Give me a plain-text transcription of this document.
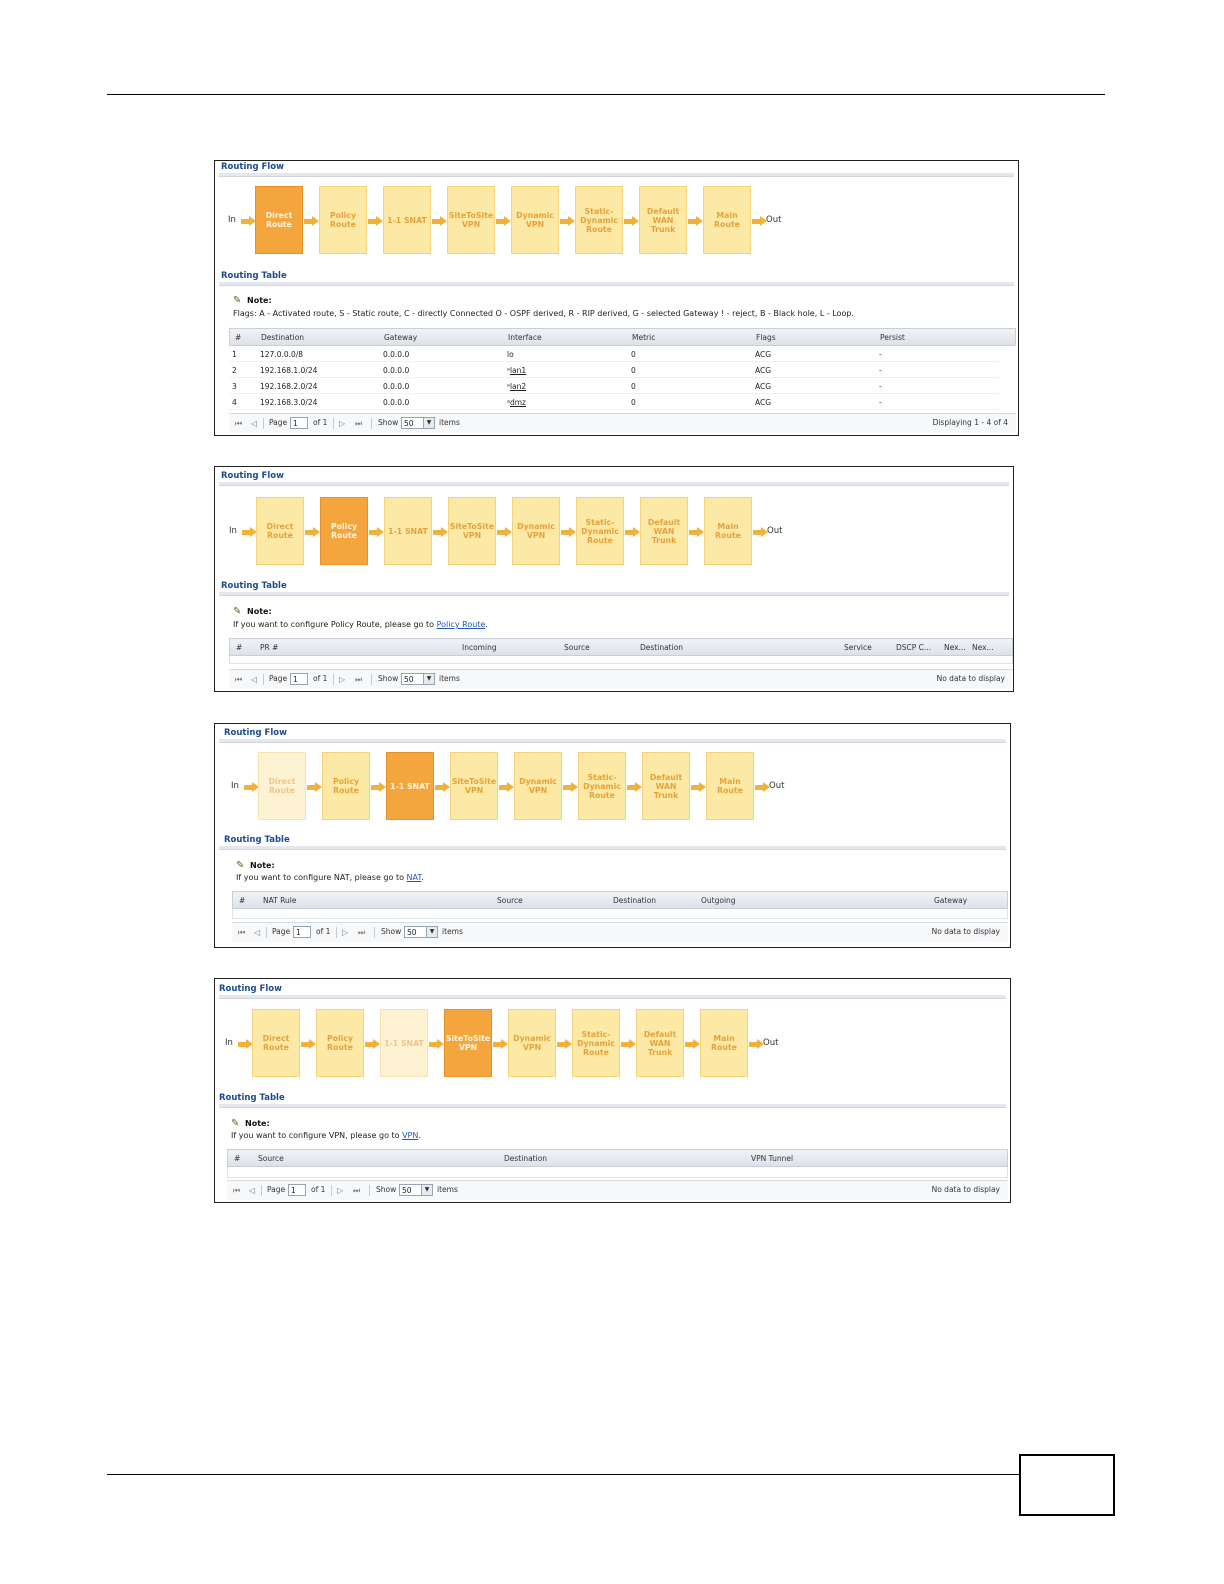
Routing Flow
In	Direct
Route
Policy
Route	1-1 SNAT	SiteToSite
VPN
Dynamic
VPN
Static-
Dynamic
Route
Default
WAN
Trunk
Main
Route	Out
Routing Table
✎ Note:
Flags: A - Activated route, S - Static route, C - directly Connected O - OSPF derived, R - RIP derived, G - selected Gateway ! - reject, B - Black hole, L - Loop.
#	Destination	Gateway	Interface	Metric	Flags	Persist
1	127.0.0.0/8	0.0.0.0	lo	0	ACG	-
2	192.168.1.0/24	0.0.0.0	ᵃlan1	0	ACG	-
3	192.168.2.0/24	0.0.0.0	ᵃlan2	0	ACG	-
4	192.168.3.0/24	0.0.0.0	ᵃdmz	0	ACG	-
⏮ ◁ Page 1	of 1 ▷ ⏭ Show 50	▼	items	Displaying 1 - 4 of 4
Routing Flow
In	Direct
Route
Policy
Route	1-1 SNAT	SiteToSite
VPN
Dynamic
VPN
Static-
Dynamic
Route
Default
WAN
Trunk
Main
Route	Out
Routing Table
✎ Note:
If you want to configure Policy Route, please go to Policy Route.
# PR #	Incoming	Source	Destination	Service	DSCP C... Nex... Nex...
⏮ ◁ Page 1	of 1 ▷ ⏭ Show 50	▼	items	No data to display
Routing Flow
In	Direct
Route
Policy
Route	1-1 SNAT	SiteToSite
VPN
Dynamic
VPN
Static-
Dynamic
Route
Default
WAN
Trunk
Main
Route	Out
Routing Table
✎ Note:
If you want to configure NAT, please go to NAT.
# NAT Rule	Source	Destination	Outgoing	Gateway
⏮ ◁ Page 1	of 1 ▷ ⏭ Show 50	▼	items	No data to display
Routing Flow
In	Direct
Route
Policy
Route	1-1 SNAT	SiteToSite
VPN
Dynamic
VPN
Static-
Dynamic
Route
Default
WAN
Trunk
Main
Route	Out
Routing Table
✎ Note:
If you want to configure VPN, please go to VPN.
# Source	Destination	VPN Tunnel
⏮ ◁ Page 1	of 1 ▷ ⏭ Show 50	▼	items	No data to display
